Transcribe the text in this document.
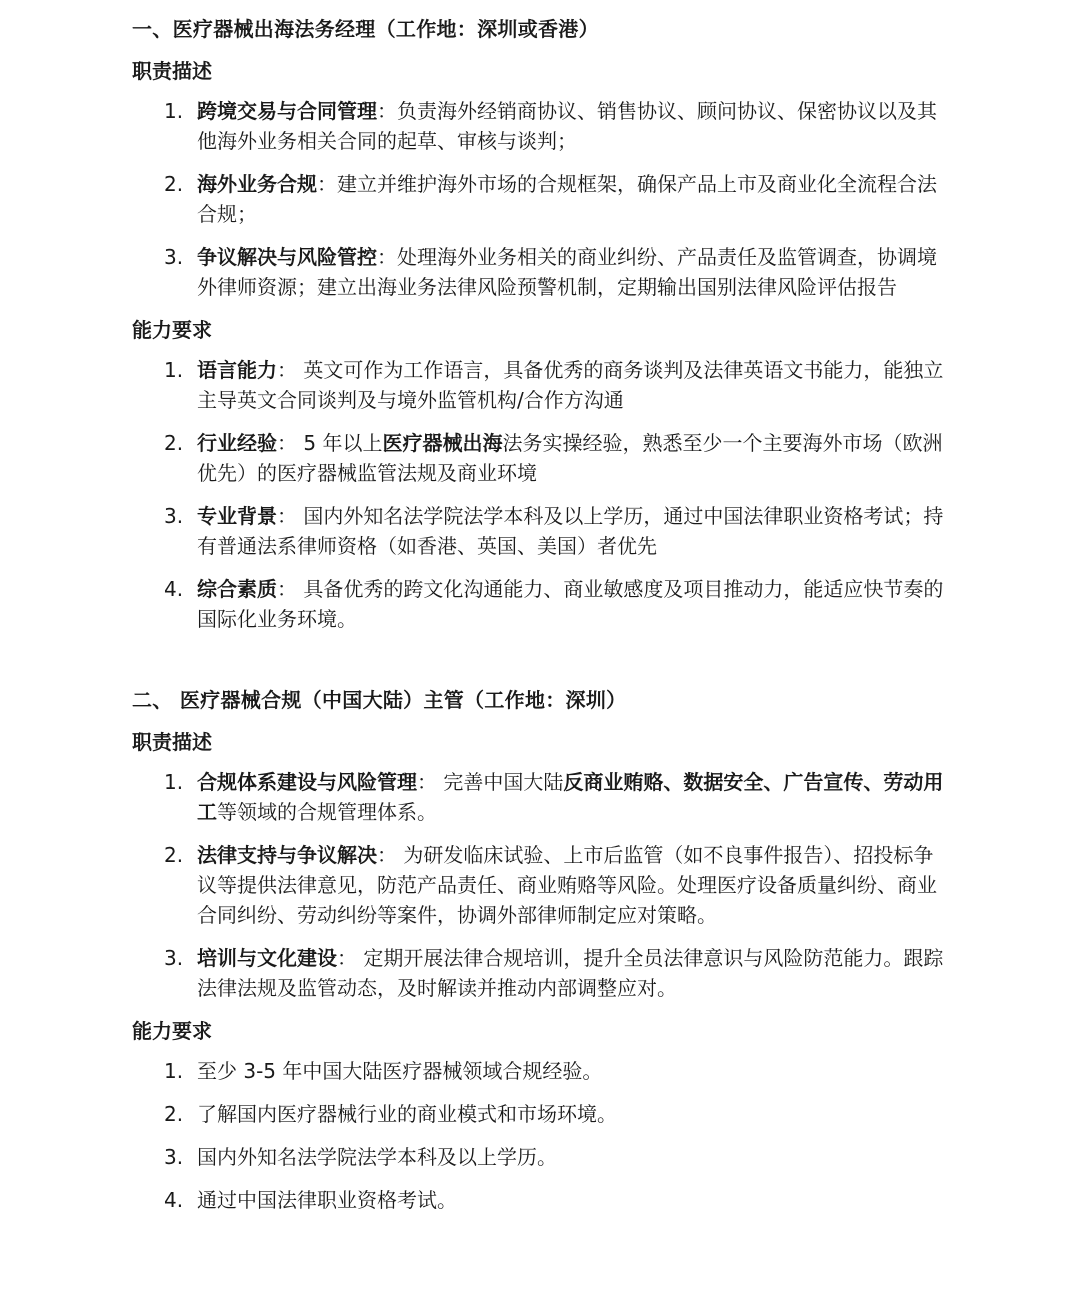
一、医疗器械出海法务经理（工作地：深圳或香港）
职责描述
1. 跨境交易与合同管理：负责海外经销商协议、销售协议、顾问协议、保密协议以及其他海外业务相关合同的起草、审核与谈判；
2. 海外业务合规：建立并维护海外市场的合规框架，确保产品上市及商业化全流程合法合规；
3. 争议解决与风险管控：处理海外业务相关的商业纠纷、产品责任及监管调查，协调境外律师资源；建立出海业务法律风险预警机制，定期输出国别法律风险评估报告
能力要求
1. 语言能力： 英文可作为工作语言，具备优秀的商务谈判及法律英语文书能力，能独立主导英文合同谈判及与境外监管机构/合作方沟通
2. 行业经验： 5 年以上医疗器械出海法务实操经验，熟悉至少一个主要海外市场（欧洲优先）的医疗器械监管法规及商业环境
3. 专业背景： 国内外知名法学院法学本科及以上学历，通过中国法律职业资格考试；持有普通法系律师资格（如香港、英国、美国）者优先
4. 综合素质： 具备优秀的跨文化沟通能力、商业敏感度及项目推动力，能适应快节奏的国际化业务环境。
二、 医疗器械合规（中国大陆）主管（工作地：深圳）
职责描述
1. 合规体系建设与风险管理： 完善中国大陆反商业贿赂、数据安全、广告宣传、劳动用工等领域的合规管理体系。
2. 法律支持与争议解决： 为研发临床试验、上市后监管（如不良事件报告）、招投标争议等提供法律意见，防范产品责任、商业贿赂等风险。处理医疗设备质量纠纷、商业合同纠纷、劳动纠纷等案件，协调外部律师制定应对策略。
3. 培训与文化建设： 定期开展法律合规培训，提升全员法律意识与风险防范能力。跟踪法律法规及监管动态，及时解读并推动内部调整应对。
能力要求
1. 至少 3-5 年中国大陆医疗器械领域合规经验。
2. 了解国内医疗器械行业的商业模式和市场环境。
3. 国内外知名法学院法学本科及以上学历。
4. 通过中国法律职业资格考试。
